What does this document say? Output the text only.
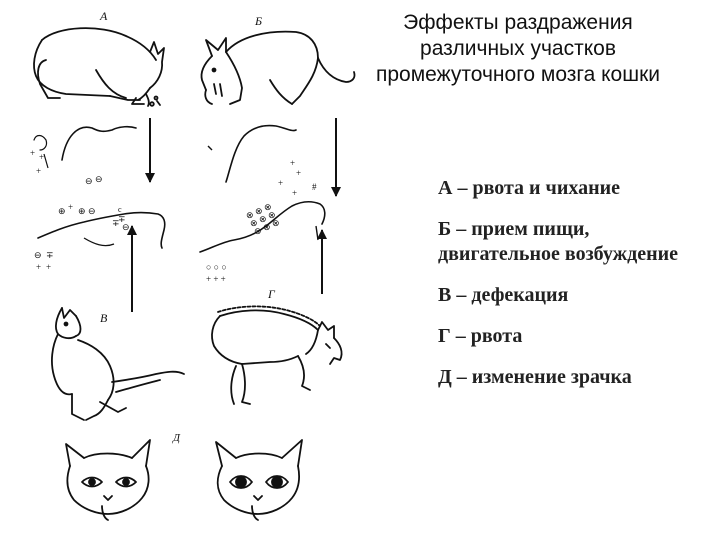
А	Б
В
Г
Д
+ +
+
⊖ ⊖
+
+
+
+
#
⊕ + ⊕ ⊖
∓
∓
⊖
⊖ ∓
+ +
c
⊗ ⊗ ⊗
⊗ ⊗ ⊗
⊗ ⊗ ⊗
○ ○ ○
+ + +
Эффекты раздражения различных участков промежуточного мозга кошки
А – рвота и чихание
Б – прием пищи, двигательное возбуждение
В – дефекация
Г – рвота
Д – изменение зрачка
